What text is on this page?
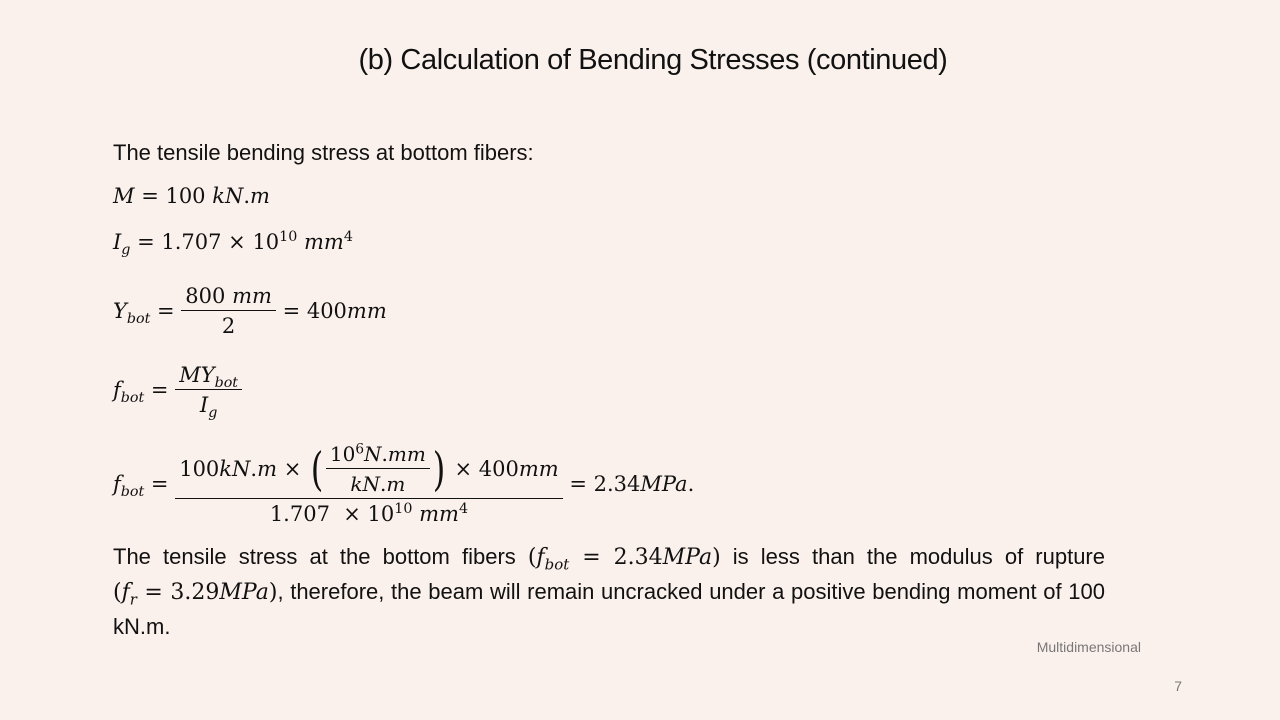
(b) Calculation of Bending Stresses (continued)
The tensile bending stress at bottom fibers:
M = 100 kN.m
$I_g = 1.707 \times 10^{10}$ $mm^4$
$Y_{bot} = \frac{800 mm}{2} = 400$ mm
$f_{bot} = \frac{MY_{bot}}{I_g}$
$f_{bot} = \frac{100 kN . m \times ( \frac{10^6N.mm}{kN.m} ) \times 400 mm}{1.707 \times 10^{10} mm^4} = 2.34$ MPa .
The tensile stress at the bottom fibers $(f_{bot} = 2.34MPa)$ is less than the modulus of rupture $(f_r = 3.29MPa)$, therefore, the beam will remain uncracked under a positive bending moment of 100 kN.m.
Multidimensional
7
